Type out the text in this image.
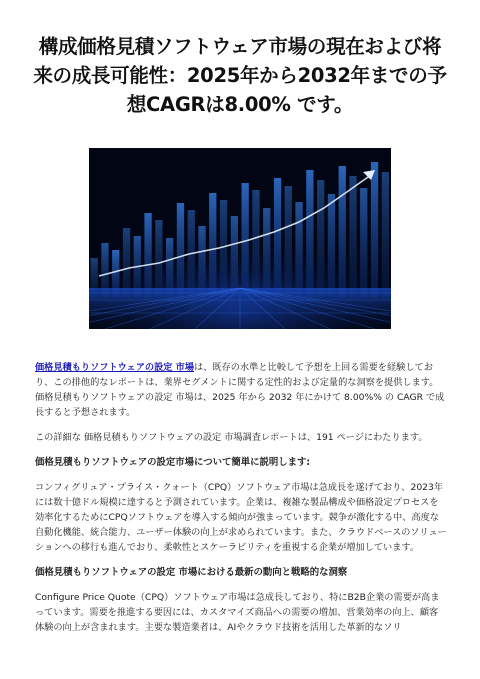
構成価格見積ソフトウェア市場の現在および将来の成長可能性：2025年から2032年までの予想CAGRは8.00% です。

価格見積もりソフトウェアの設定 市場は、既存の水準と比較して予想を上回る需要を経験しており、この排他的なレポートは、業界セグメントに関する定性的および定量的な洞察を提供します。 価格見積もりソフトウェアの設定 市場は、2025 年から 2032 年にかけて 8.00%% の CAGR で成長すると予想されます。

この詳細な 価格見積もりソフトウェアの設定 市場調査レポートは、191 ページにわたります。

価格見積もりソフトウェアの設定市場について簡単に説明します:

コンフィグリュア・プライス・クォート（CPQ）ソフトウェア市場は急成長を遂げており、2023年には数十億ドル規模に達すると予測されています。企業は、複雑な製品構成や価格設定プロセスを効率化するためにCPQソフトウェアを導入する傾向が強まっています。競争が激化する中、高度な自動化機能、統合能力、ユーザー体験の向上が求められています。また、クラウドベースのソリューションへの移行も進んでおり、柔軟性とスケーラビリティを重視する企業が増加しています。

価格見積もりソフトウェアの設定 市場における最新の動向と戦略的な洞察

Configure Price Quote（CPQ）ソフトウェア市場は急成長しており、特にB2B企業の需要が高まっています。需要を推進する要因には、カスタマイズ商品への需要の増加、営業効率の向上、顧客体験の向上が含まれます。主要な製造業者は、AIやクラウド技術を活用した革新的なソリ
